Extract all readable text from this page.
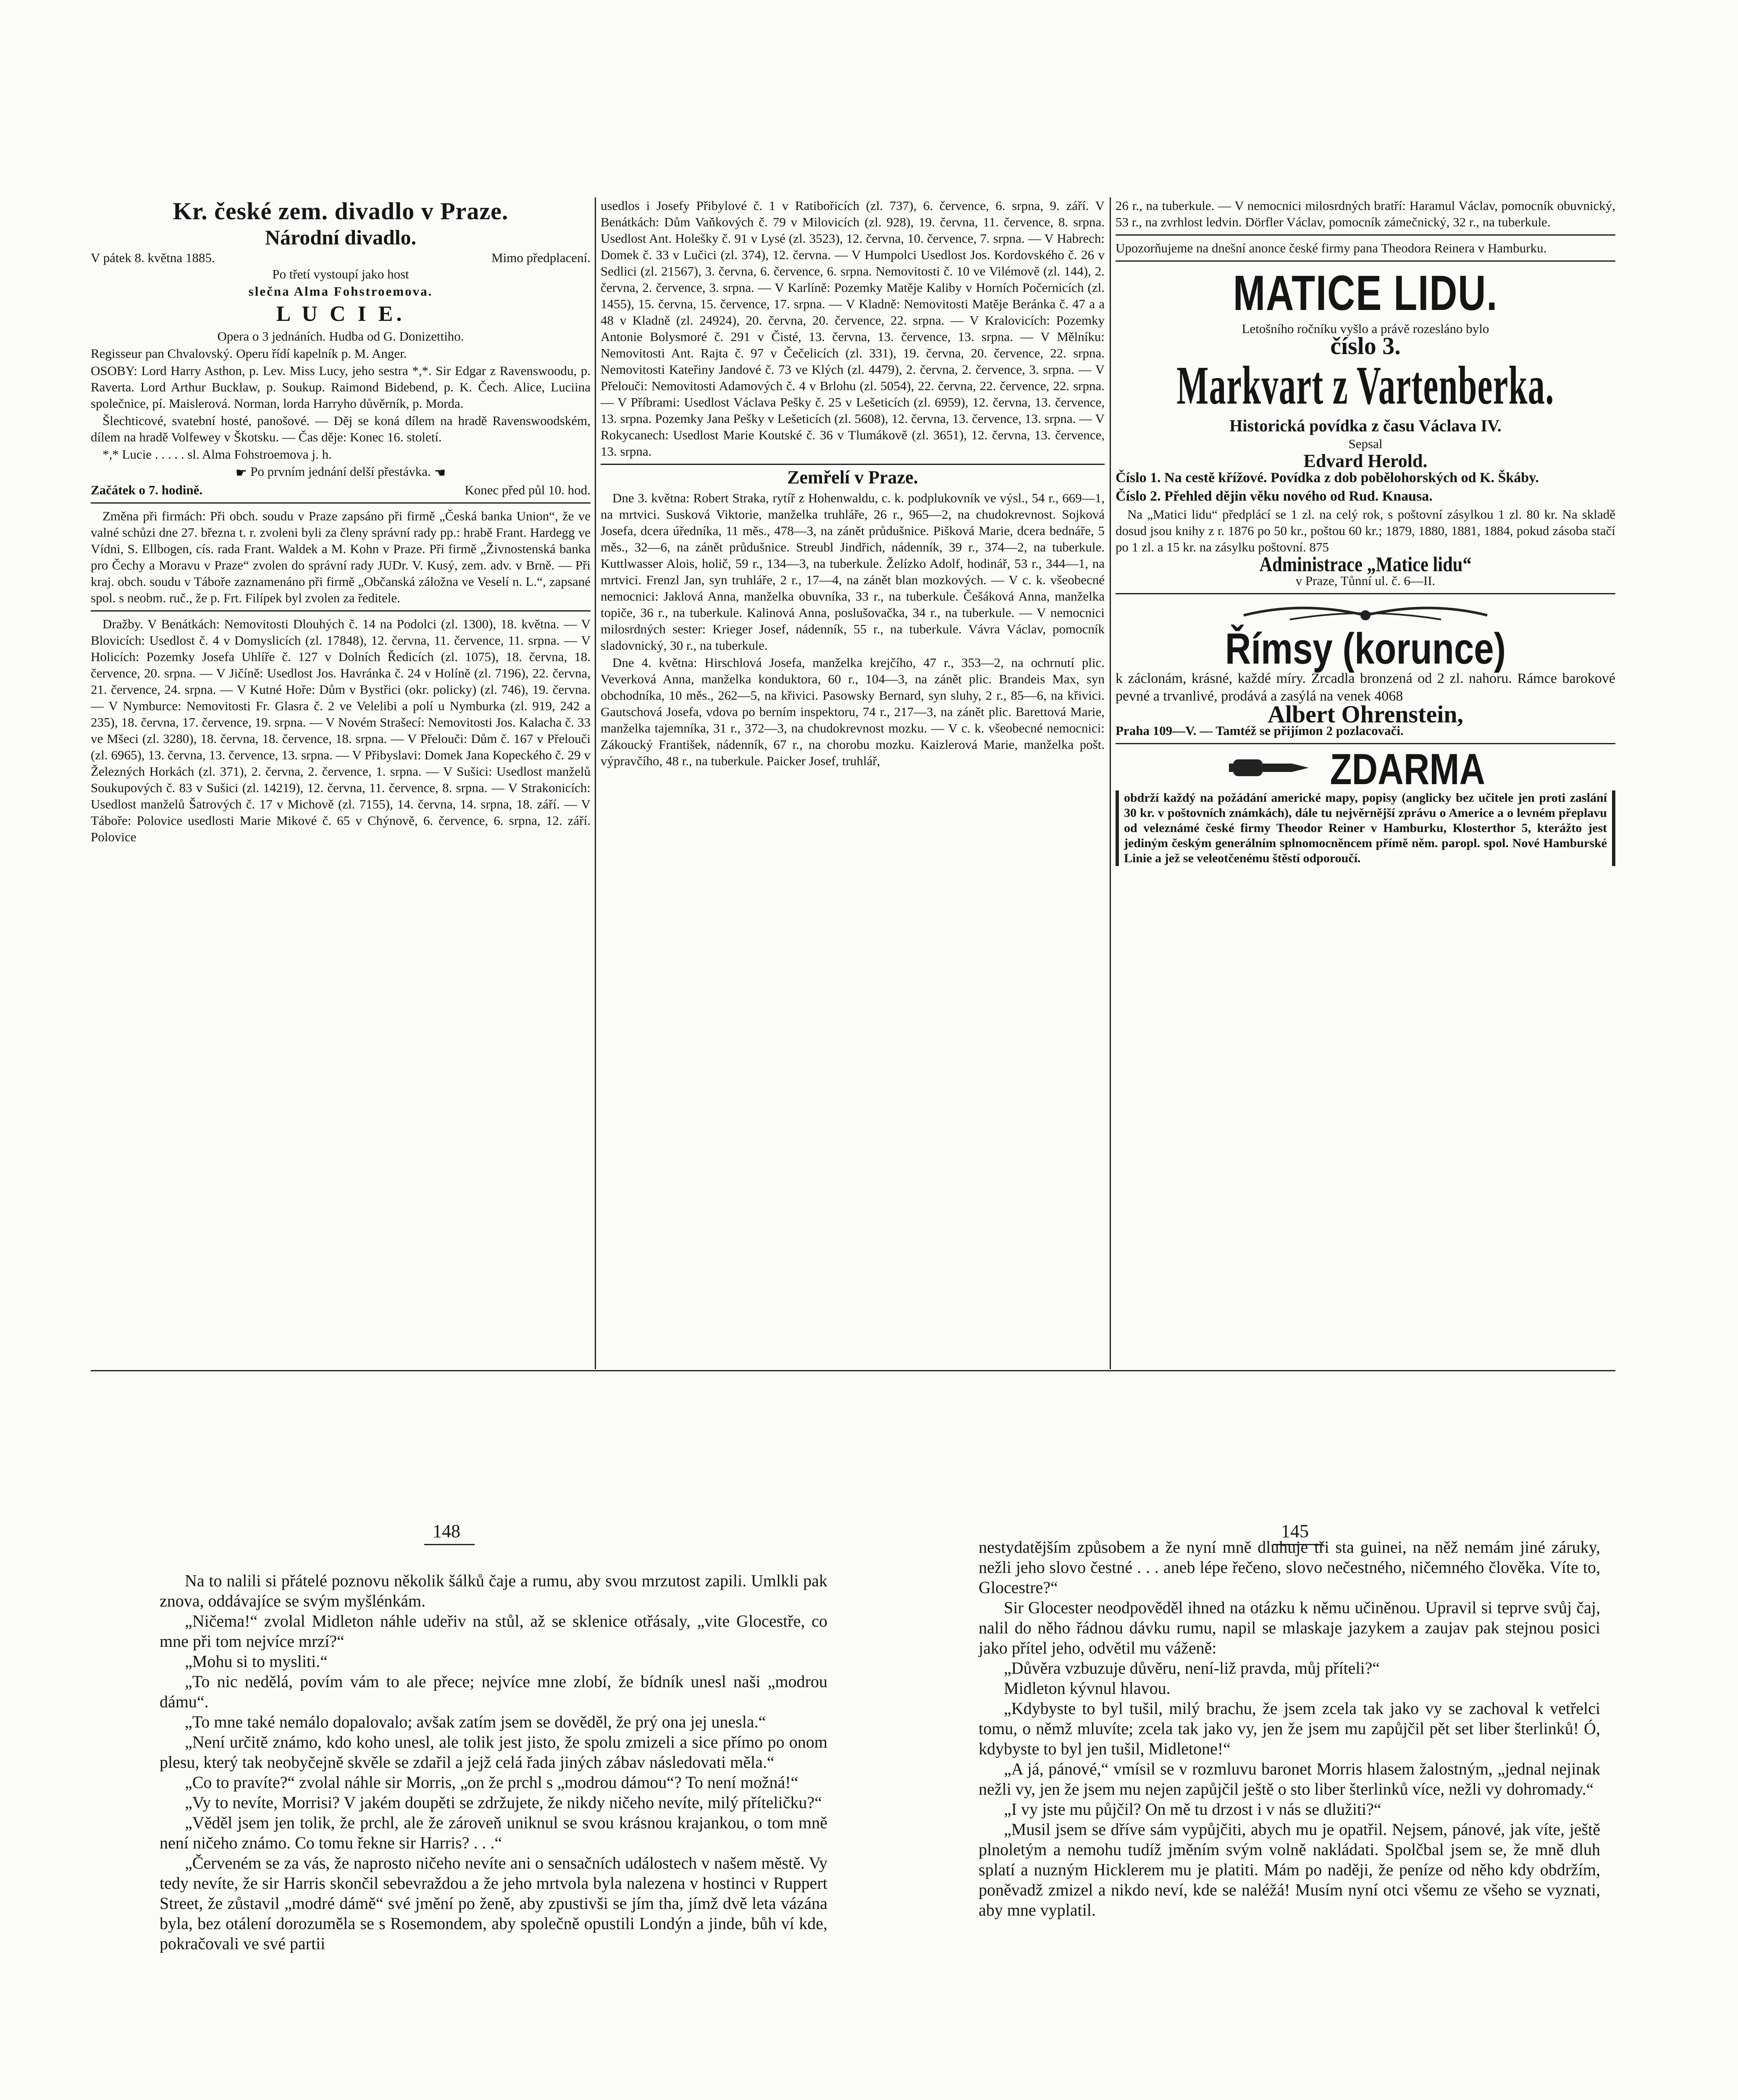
Kr. české zem. divadlo v Praze.
Národní divadlo.
V pátek 8. května 1885.	Mimo předplacení.

Po třetí vystoupí jako host

slečna Alma Fohstroemova.

L U C I E.

Opera o 3 jednáních. Hudba od G. Donizettiho.

Regisseur pan Chvalovský. Operu řídí kapelník p. M. Anger.

OSOBY: Lord Harry Asthon, p. Lev. Miss Lucy, jeho sestra *,*. Sir Edgar z Ravenswoodu, p. Raverta. Lord Arthur Bucklaw, p. Soukup. Raimond Bidebend, p. K. Čech. Alice, Luciina společnice, pí. Maislerová. Norman, lorda Harryho důvěrník, p. Morda.

Šlechticové, svatební hosté, panošové. — Děj se koná dílem na hradě Ravenswoodském, dílem na hradě Volfewey v Škotsku. — Čas děje: Konec 16. století.

*,* Lucie . . . . . sl. Alma Fohstroemova j. h.

☛ Po prvním jednání delší přestávka. ☚

Začátek o 7. hodině.	Konec před půl 10. hod.

Změna při firmách: Při obch. soudu v Praze zapsáno při firmě „Česká banka Union“, že ve valné schůzi dne 27. března t. r. zvoleni byli za členy správní rady pp.: hrabě Frant. Hardegg ve Vídni, S. Ellbogen, cís. rada Frant. Waldek a M. Kohn v Praze. Při firmě „Živnostenská banka pro Čechy a Moravu v Praze“ zvolen do správní rady JUDr. V. Kusý, zem. adv. v Brně. — Při kraj. obch. soudu v Táboře zaznamenáno při firmě „Občanská záložna ve Veselí n. L.“, zapsané spol. s neobm. ruč., že p. Frt. Filípek byl zvolen za ředitele.

Dražby. V Benátkách: Nemovitosti Dlouhých č. 14 na Podolci (zl. 1300), 18. května. — V Blovicích: Usedlost č. 4 v Domyslicích (zl. 17848), 12. června, 11. července, 11. srpna. — V Holicích: Pozemky Josefa Uhlíře č. 127 v Dolních Ředicích (zl. 1075), 18. června, 18. července, 20. srpna. — V Jičíně: Usedlost Jos. Havránka č. 24 v Holíně (zl. 7196), 22. června, 21. července, 24. srpna. — V Kutné Hoře: Dům v Bystřici (okr. policky) (zl. 746), 19. června. — V Nymburce: Nemovitosti Fr. Glasra č. 2 ve Velelibi a polí u Nymburka (zl. 919, 242 a 235), 18. června, 17. července, 19. srpna. — V Novém Strašecí: Nemovitosti Jos. Kalacha č. 33 ve Mšeci (zl. 3280), 18. června, 18. července, 18. srpna. — V Přelouči: Dům č. 167 v Přelouči (zl. 6965), 13. června, 13. července, 13. srpna. — V Přibyslavi: Domek Jana Kopeckého č. 29 v Železných Horkách (zl. 371), 2. června, 2. července, 1. srpna. — V Sušici: Usedlost manželů Soukupových č. 83 v Sušici (zl. 14219), 12. června, 11. července, 8. srpna. — V Strakonicích: Usedlost manželů Šatrových č. 17 v Michově (zl. 7155), 14. června, 14. srpna, 18. září. — V Táboře: Polovice usedlosti Marie Mikové č. 65 v Chýnově, 6. července, 6. srpna, 12. září. Polovice

usedlos i Josefy Přibylové č. 1 v Ratibořicích (zl. 737), 6. července, 6. srpna, 9. září. V Benátkách: Dům Vaňkových č. 79 v Milovicích (zl. 928), 19. června, 11. července, 8. srpna. Usedlost Ant. Holešky č. 91 v Lysé (zl. 3523), 12. června, 10. července, 7. srpna. — V Habrech: Domek č. 33 v Lučici (zl. 374), 12. června. — V Humpolci Usedlost Jos. Kordovského č. 26 v Sedlici (zl. 21567), 3. června, 6. července, 6. srpna. Nemovitosti č. 10 ve Vilémově (zl. 144), 2. června, 2. července, 3. srpna. — V Karlíně: Pozemky Matěje Kaliby v Horních Počernicích (zl. 1455), 15. června, 15. července, 17. srpna. — V Kladně: Nemovitosti Matěje Beránka č. 47 a a 48 v Kladně (zl. 24924), 20. června, 20. července, 22. srpna. — V Kralovicích: Pozemky Antonie Bolysmoré č. 291 v Čisté, 13. června, 13. července, 13. srpna. — V Mělníku: Nemovitosti Ant. Rajta č. 97 v Čečelicích (zl. 331), 19. června, 20. července, 22. srpna. Nemovitosti Kateřiny Jandové č. 73 ve Klých (zl. 4479), 2. června, 2. července, 3. srpna. — V Přelouči: Nemovitosti Adamových č. 4 v Brlohu (zl. 5054), 22. června, 22. července, 22. srpna. — V Příbrami: Usedlost Václava Pešky č. 25 v Lešeticích (zl. 6959), 12. června, 13. července, 13. srpna. Pozemky Jana Pešky v Lešeticích (zl. 5608), 12. června, 13. července, 13. srpna. — V Rokycanech: Usedlost Marie Koutské č. 36 v Tlumákově (zl. 3651), 12. června, 13. července, 13. srpna.

Zemřelí v Praze.

Dne 3. května: Robert Straka, rytíř z Hohenwaldu, c. k. podplukovník ve výsl., 54 r., 669—1, na mrtvici. Susková Viktorie, manželka truhláře, 26 r., 965—2, na chudokrevnost. Sojková Josefa, dcera úředníka, 11 měs., 478—3, na zánět průdušnice. Pišková Marie, dcera bednáře, 5 měs., 32—6, na zánět průdušnice. Streubl Jindřich, nádenník, 39 r., 374—2, na tuberkule. Kuttlwasser Alois, holič, 59 r., 134—3, na tuberkule. Želízko Adolf, hodinář, 53 r., 344—1, na mrtvici. Frenzl Jan, syn truhláře, 2 r., 17—4, na zánět blan mozkových. — V c. k. všeobecné nemocnici: Jaklová Anna, manželka obuvníka, 33 r., na tuberkule. Češáková Anna, manželka topiče, 36 r., na tuberkule. Kalinová Anna, poslušovačka, 34 r., na tuberkule. — V nemocnici milosrdných sester: Krieger Josef, nádenník, 55 r., na tuberkule. Vávra Václav, pomocník sladovnický, 30 r., na tuberkule.

Dne 4. května: Hirschlová Josefa, manželka krejčího, 47 r., 353—2, na ochrnutí plic. Veverková Anna, manželka konduktora, 60 r., 104—3, na zánět plic. Brandeis Max, syn obchodníka, 10 měs., 262—5, na křivici. Pasowsky Bernard, syn sluhy, 2 r., 85—6, na křivici. Gautschová Josefa, vdova po berním inspektoru, 74 r., 217—3, na zánět plic. Barettová Marie, manželka tajemníka, 31 r., 372—3, na chudokrevnost mozku. — V c. k. všeobecné nemocnici: Zákoucký František, nádenník, 67 r., na chorobu mozku. Kaizlerová Marie, manželka pošt. výpravčího, 48 r., na tuberkule. Paicker Josef, truhlář,

26 r., na tuberkule. — V nemocnici milosrdných bratří: Haramul Václav, pomocník obuvnický, 53 r., na zvrhlost ledvin. Dörfler Václav, pomocník zámečnický, 32 r., na tuberkule.

Upozorňujeme na dnešní anonce české firmy pana Theodora Reinera v Hamburku.

MATICE LIDU.

Letošního ročníku vyšlo a právě rozesláno bylo

číslo 3.
Markvart z Vartenberka.

Historická povídka z času Václava IV.

Sepsal

Edvard Herold.

Číslo 1. Na cestě křížové. Povídka z dob pobělohorských od K. Škáby.

Číslo 2. Přehled dějin věku nového od Rud. Knausa.

Na „Matici lidu“ předplácí se 1 zl. na celý rok, s poštovní zásylkou 1 zl. 80 kr. Na skladě dosud jsou knihy z r. 1876 po 50 kr., poštou 60 kr.; 1879, 1880, 1881, 1884, pokud zásoba stačí po 1 zl. a 15 kr. na zásylku poštovní. 875

Administrace „Matice lidu“

v Praze, Tůnní ul. č. 6—II.

Římsy (korunce)

k záclonám, krásné, každé míry. Zrcadla bronzená od 2 zl. nahoru. Rámce barokové pevné a trvanlivé, prodává a zasýlá na venek 4068

Albert Ohrenstein,

Praha 109—V. — Tamtéž se přijímon 2 pozlacovači.

ZDARMA

obdrží každý na požádání americké mapy, popisy (anglicky bez učitele jen proti zaslání 30 kr. v poštovních známkách), dále tu nejvěrnější zprávu o Americe a o levném přeplavu od veleznámé české firmy Theodor Reiner v Hamburku, Klosterthor 5, kterážto jest jediným českým generálním splnomocněncem přímě něm. paropl. spol. Nové Hamburské Linie a jež se veleotčenému štěstí odporoučí.

148	145

Na to nalili si přátelé poznovu několik šálků čaje a rumu, aby svou mrzutost zapili. Umlkli pak znova, oddávajíce se svým myšlénkám.

„Ničema!“ zvolal Midleton náhle udeřiv na stůl, až se sklenice otřásaly, „vite Glocestře, co mne při tom nejvíce mrzí?“

„Mohu si to mysliti.“

„To nic nedělá, povím vám to ale přece; nejvíce mne zlobí, že bídník unesl naši „modrou dámu“.

„To mne také nemálo dopalovalo; avšak zatím jsem se dověděl, že prý ona jej unesla.“

„Není určitě známo, kdo koho unesl, ale tolik jest jisto, že spolu zmizeli a sice přímo po onom plesu, který tak neobyčejně skvěle se zdařil a jejž celá řada jiných zábav následovati měla.“

„Co to pravíte?“ zvolal náhle sir Morris, „on že prchl s „modrou dámou“? To není možná!“

„Vy to nevíte, Morrisi? V jakém doupěti se zdržujete, že nikdy ničeho nevíte, milý příteličku?“

„Věděl jsem jen tolik, že prchl, ale že zároveň uniknul se svou krásnou krajankou, o tom mně není ničeho známo. Co tomu řekne sir Harris? . . .“

„Červeném se za vás, že naprosto ničeho nevíte ani o sensačních událostech v našem městě. Vy tedy nevíte, že sir Harris skončil sebevraždou a že jeho mrtvola byla nalezena v hostinci v Ruppert Street, že zůstavil „modré dámě“ své jmění po ženě, aby zpustivši se jím tha, jímž dvě leta vázána byla, bez otálení dorozuměla se s Rosemondem, aby společně opustili Londýn a jinde, bůh ví kde, pokračovali ve své partii

nestydatějším způsobem a že nyní mně dluhuje tři sta guinei, na něž nemám jiné záruky, nežli jeho slovo čestné . . . aneb lépe řečeno, slovo nečestného, ničemného člověka. Víte to, Glocestre?“

Sir Glocester neodpověděl ihned na otázku k němu učiněnou. Upravil si teprve svůj čaj, nalil do něho řádnou dávku rumu, napil se mlaskaje jazykem a zaujav pak stejnou posici jako přítel jeho, odvětil mu váženě:

„Důvěra vzbuzuje důvěru, není-liž pravda, můj příteli?“

Midleton kývnul hlavou.

„Kdybyste to byl tušil, milý brachu, že jsem zcela tak jako vy se zachoval k vetřelci tomu, o němž mluvíte; zcela tak jako vy, jen že jsem mu zapůjčil pět set liber šterlinků! Ó, kdybyste to byl jen tušil, Midletone!“

„A já, pánové,“ vmísil se v rozmluvu baronet Morris hlasem žalostným, „jednal nejinak nežli vy, jen že jsem mu nejen zapůjčil ještě o sto liber šterlinků více, nežli vy dohromady.“

„I vy jste mu půjčil? On mě tu drzost i v nás se dlužiti?“

„Musil jsem se dříve sám vypůjčiti, abych mu je opatřil. Nejsem, pánové, jak víte, ještě plnoletým a nemohu tudíž jměním svým volně nakládati. Spolčbal jsem se, že mně dluh splatí a nuzným Hicklerem mu je platiti. Mám po naději, že peníze od něho kdy obdržím, poněvadž zmizel a nikdo neví, kde se naléžá! Musím nyní otci všemu ze všeho se vyznati, aby mne vyplatil.
